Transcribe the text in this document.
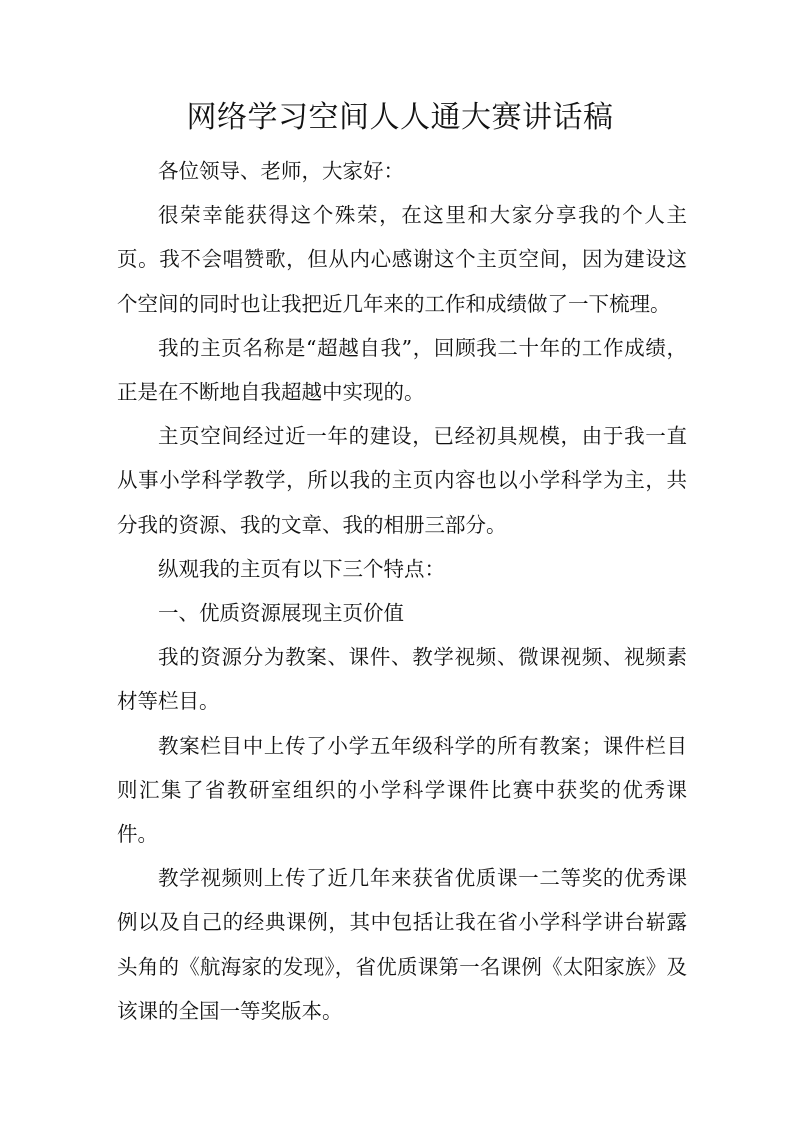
网络学习空间人人通大赛讲话稿

各位领导、老师，大家好：

很荣幸能获得这个殊荣，在这里和大家分享我的个人主页。我不会唱赞歌，但从内心感谢这个主页空间，因为建设这个空间的同时也让我把近几年来的工作和成绩做了一下梳理。

我的主页名称是“超越自我”，回顾我二十年的工作成绩，正是在不断地自我超越中实现的。

主页空间经过近一年的建设，已经初具规模，由于我一直从事小学科学教学，所以我的主页内容也以小学科学为主，共分我的资源、我的文章、我的相册三部分。

纵观我的主页有以下三个特点：

一、优质资源展现主页价值

我的资源分为教案、课件、教学视频、微课视频、视频素材等栏目。

教案栏目中上传了小学五年级科学的所有教案；课件栏目则汇集了省教研室组织的小学科学课件比赛中获奖的优秀课件。

教学视频则上传了近几年来获省优质课一二等奖的优秀课例以及自己的经典课例，其中包括让我在省小学科学讲台崭露头角的《航海家的发现》，省优质课第一名课例《太阳家族》及该课的全国一等奖版本。
